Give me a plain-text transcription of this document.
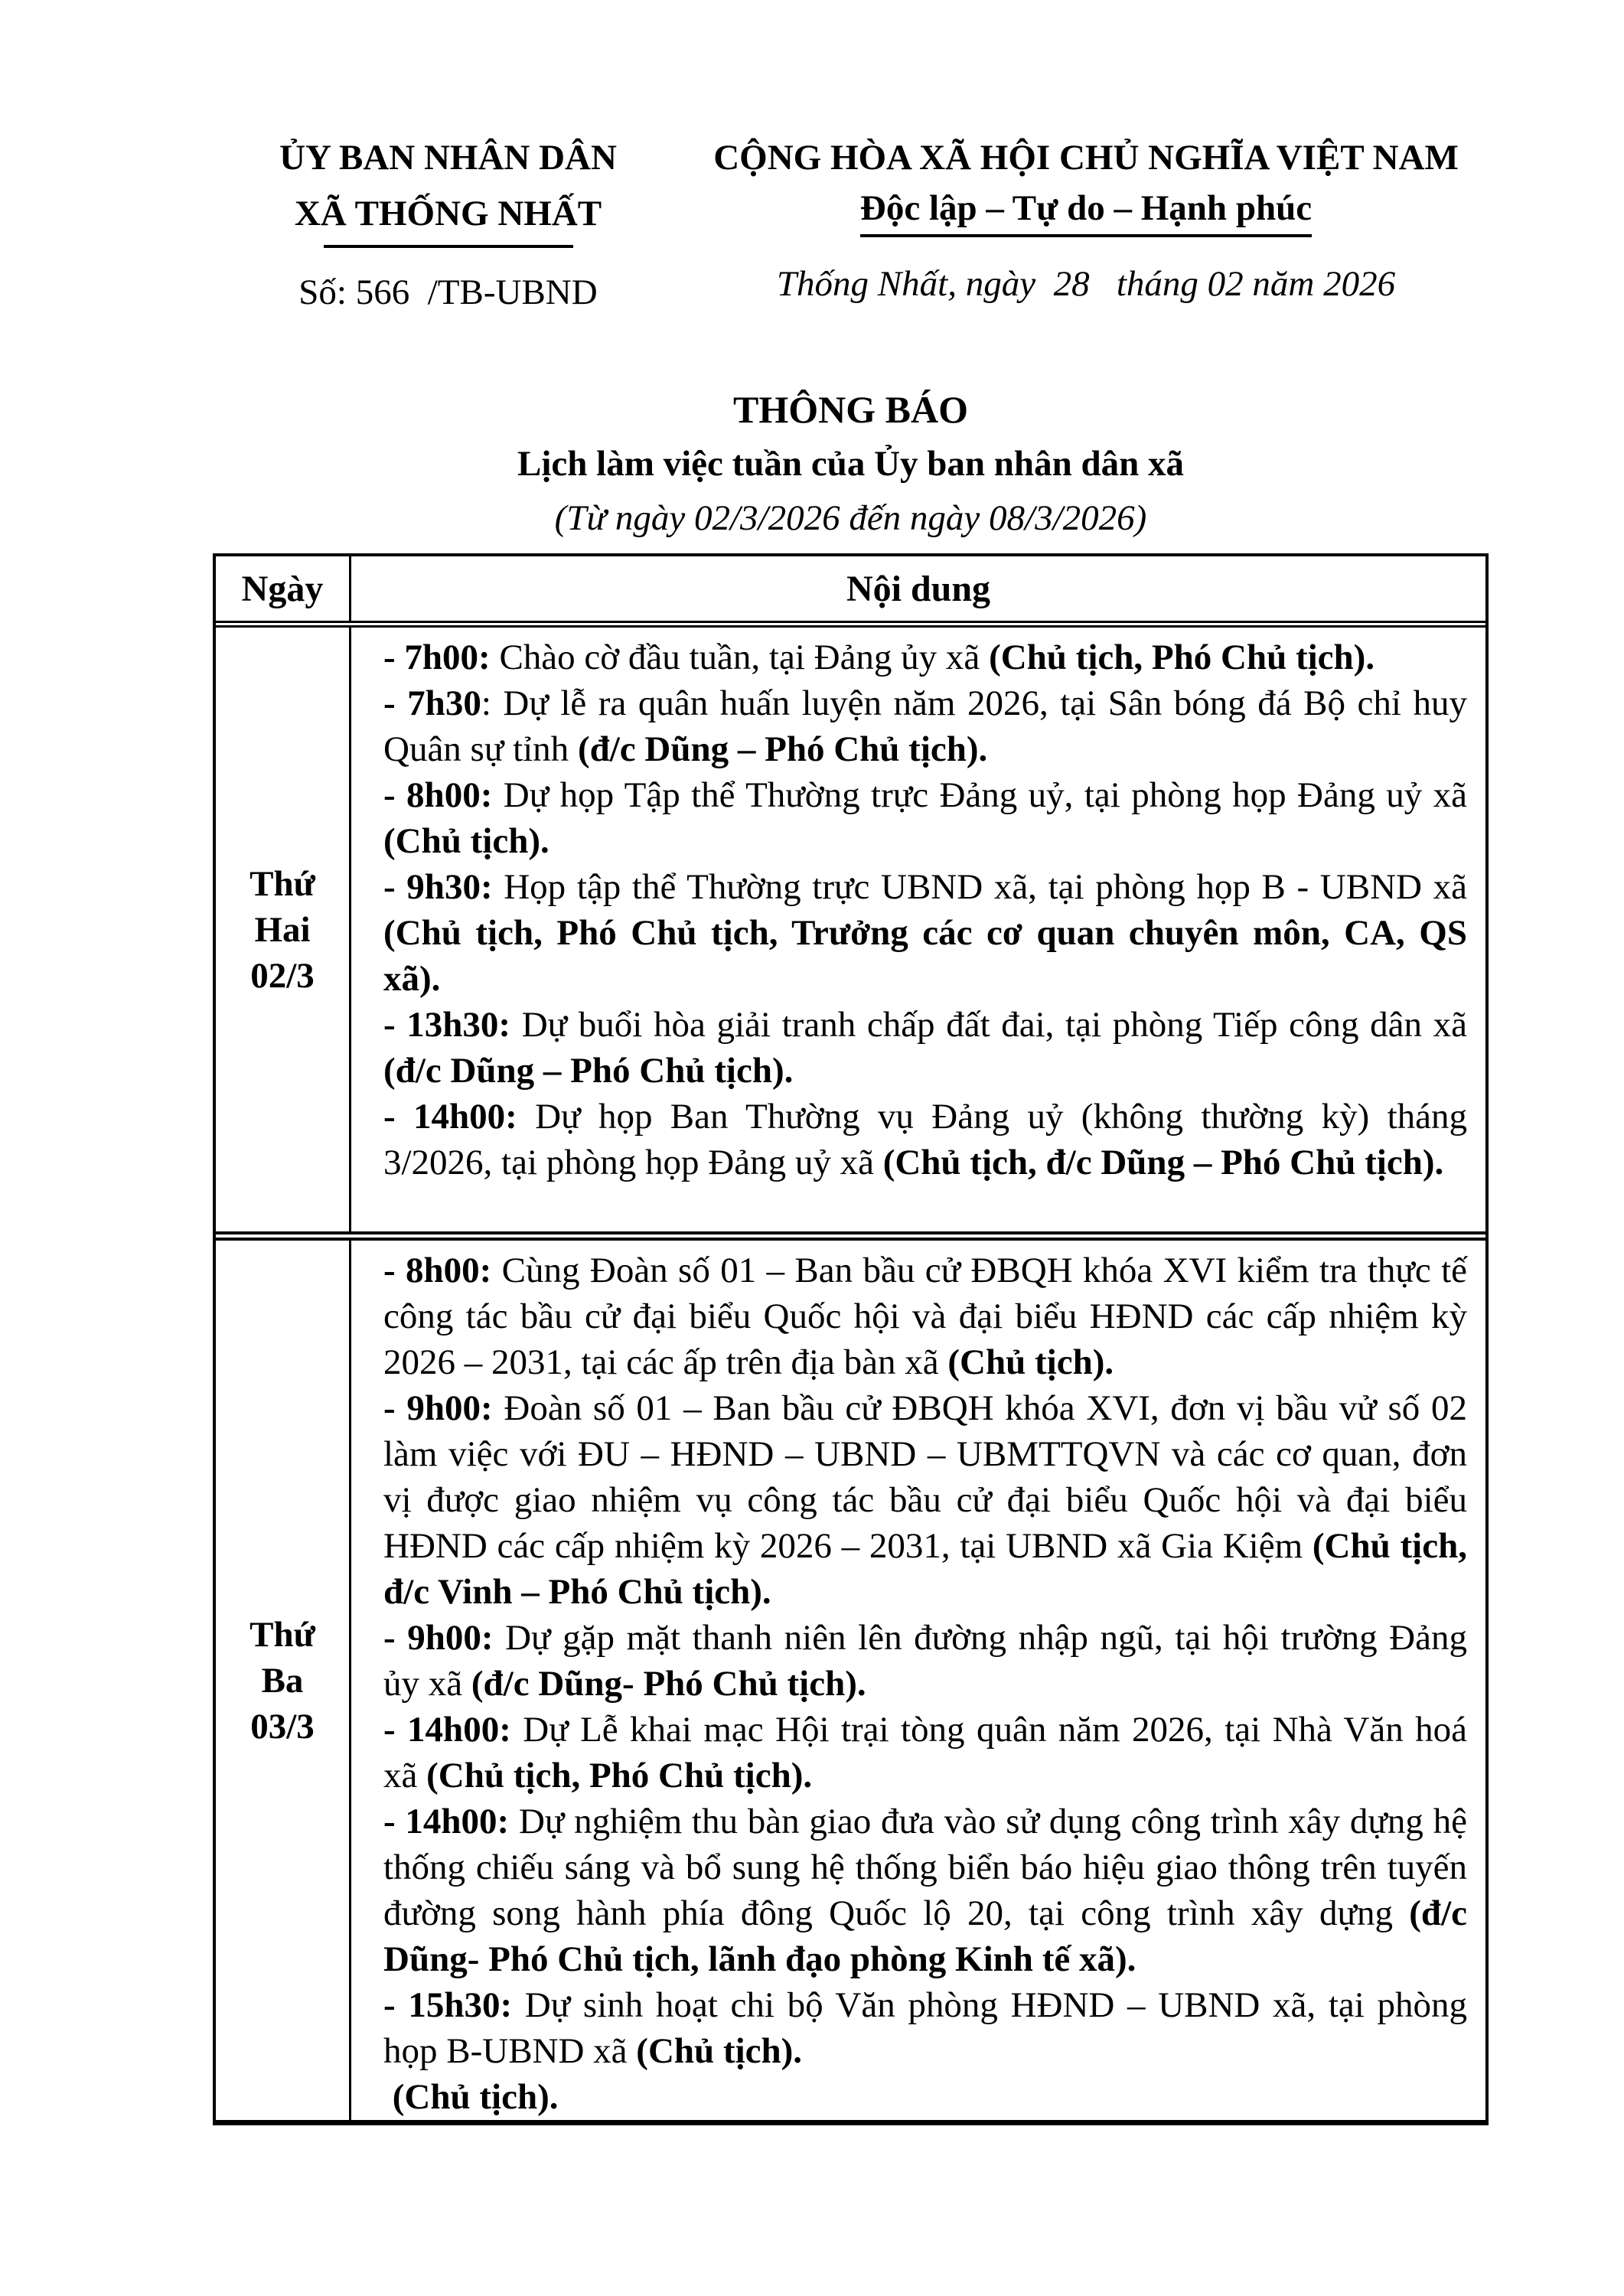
ỦY BAN NHÂN DÂN
XÃ THỐNG NHẤT
Số: 566  /TB-UBND
CỘNG HÒA XÃ HỘI CHỦ NGHĨA VIỆT NAM
Độc lập – Tự do – Hạnh phúc
Thống Nhất, ngày  28   tháng 02 năm 2026
THÔNG BÁO
Lịch làm việc tuần của Ủy ban nhân dân xã
(Từ ngày 02/3/2026 đến ngày 08/3/2026)
Ngày	Nội dung
Thứ
Hai
02/3

- 7h00: Chào cờ đầu tuần, tại Đảng ủy xã (Chủ tịch, Phó Chủ tịch).

- 7h30: Dự lễ ra quân huấn luyện năm 2026, tại Sân bóng đá Bộ chỉ huy Quân sự tỉnh (đ/c Dũng – Phó Chủ tịch).

- 8h00: Dự họp Tập thể Thường trực Đảng uỷ, tại phòng họp Đảng uỷ xã (Chủ tịch).

- 9h30: Họp tập thể Thường trực UBND xã, tại phòng họp B - UBND xã (Chủ tịch, Phó Chủ tịch, Trưởng các cơ quan chuyên môn, CA, QS xã).

- 13h30: Dự buổi hòa giải tranh chấp đất đai, tại phòng Tiếp công dân xã (đ/c Dũng – Phó Chủ tịch).

- 14h00: Dự họp Ban Thường vụ Đảng uỷ (không thường kỳ) tháng 3/2026, tại phòng họp Đảng uỷ xã (Chủ tịch, đ/c Dũng – Phó Chủ tịch).

Thứ
Ba
03/3

- 8h00: Cùng Đoàn số 01 – Ban bầu cử ĐBQH khóa XVI kiểm tra thực tế công tác bầu cử đại biểu Quốc hội và đại biểu HĐND các cấp nhiệm kỳ 2026 – 2031, tại các ấp trên địa bàn xã (Chủ tịch).

- 9h00: Đoàn số 01 – Ban bầu cử ĐBQH khóa XVI, đơn vị bầu vử số 02 làm việc với ĐU – HĐND – UBND – UBMTTQVN và các cơ quan, đơn vị được giao nhiệm vụ công tác bầu cử đại biểu Quốc hội và đại biểu HĐND các cấp nhiệm kỳ 2026 – 2031, tại UBND xã Gia Kiệm (Chủ tịch, đ/c Vinh – Phó Chủ tịch).

- 9h00: Dự gặp mặt thanh niên lên đường nhập ngũ, tại hội trường Đảng ủy xã (đ/c Dũng- Phó Chủ tịch).

- 14h00: Dự Lễ khai mạc Hội trại tòng quân năm 2026, tại Nhà Văn hoá xã (Chủ tịch, Phó Chủ tịch).

- 14h00: Dự nghiệm thu bàn giao đưa vào sử dụng công trình xây dựng hệ thống chiếu sáng và bổ sung hệ thống biển báo hiệu giao thông trên tuyến đường song hành phía đông Quốc lộ 20, tại công trình xây dựng (đ/c Dũng- Phó Chủ tịch, lãnh đạo phòng Kinh tế xã).

- 15h30: Dự sinh hoạt chi bộ Văn phòng HĐND – UBND xã, tại phòng họp B-UBND xã (Chủ tịch).

(Chủ tịch).
